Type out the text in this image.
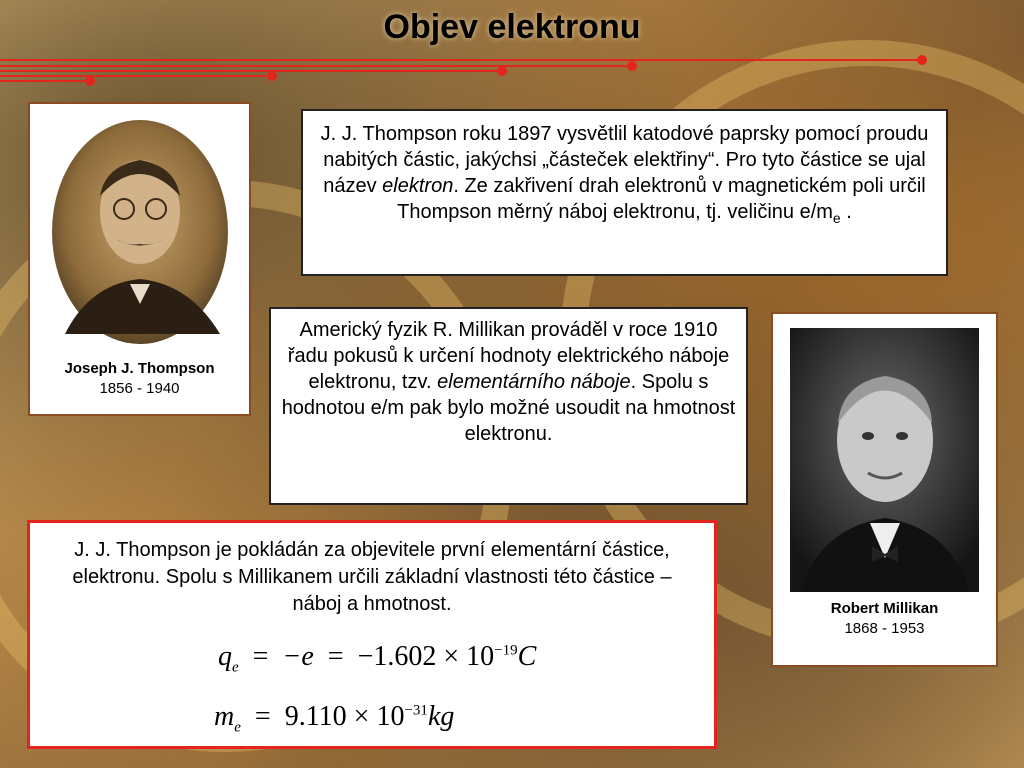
Objev elektronu
Joseph J. Thompson
1856 - 1940
J. J. Thompson roku 1897 vysvětlil katodové paprsky pomocí proudu nabitých částic, jakýchsi „částeček elektřiny“. Pro tyto částice se ujal název elektron. Ze zakřivení drah elektronů v magnetickém poli určil Thompson měrný náboj elektronu, tj. veličinu $e/m_e$ .
Americký fyzik R. Millikan prováděl v roce 1910 řadu pokusů k určení hodnoty elektrického náboje elektronu, tzv. elementárního náboje. Spolu s hodnotou e/m pak bylo možné usoudit na hmotnost elektronu.
Robert Millikan
1868 - 1953
J. J. Thompson je pokládán za objevitele první elementární částice, elektronu. Spolu s Millikanem určili základní vlastnosti této částice – náboj a hmotnost.
$q_e = -e = -1.602 \times 10^{-19}C$
$m_e = 9.110 \times 10^{-31}kg$
